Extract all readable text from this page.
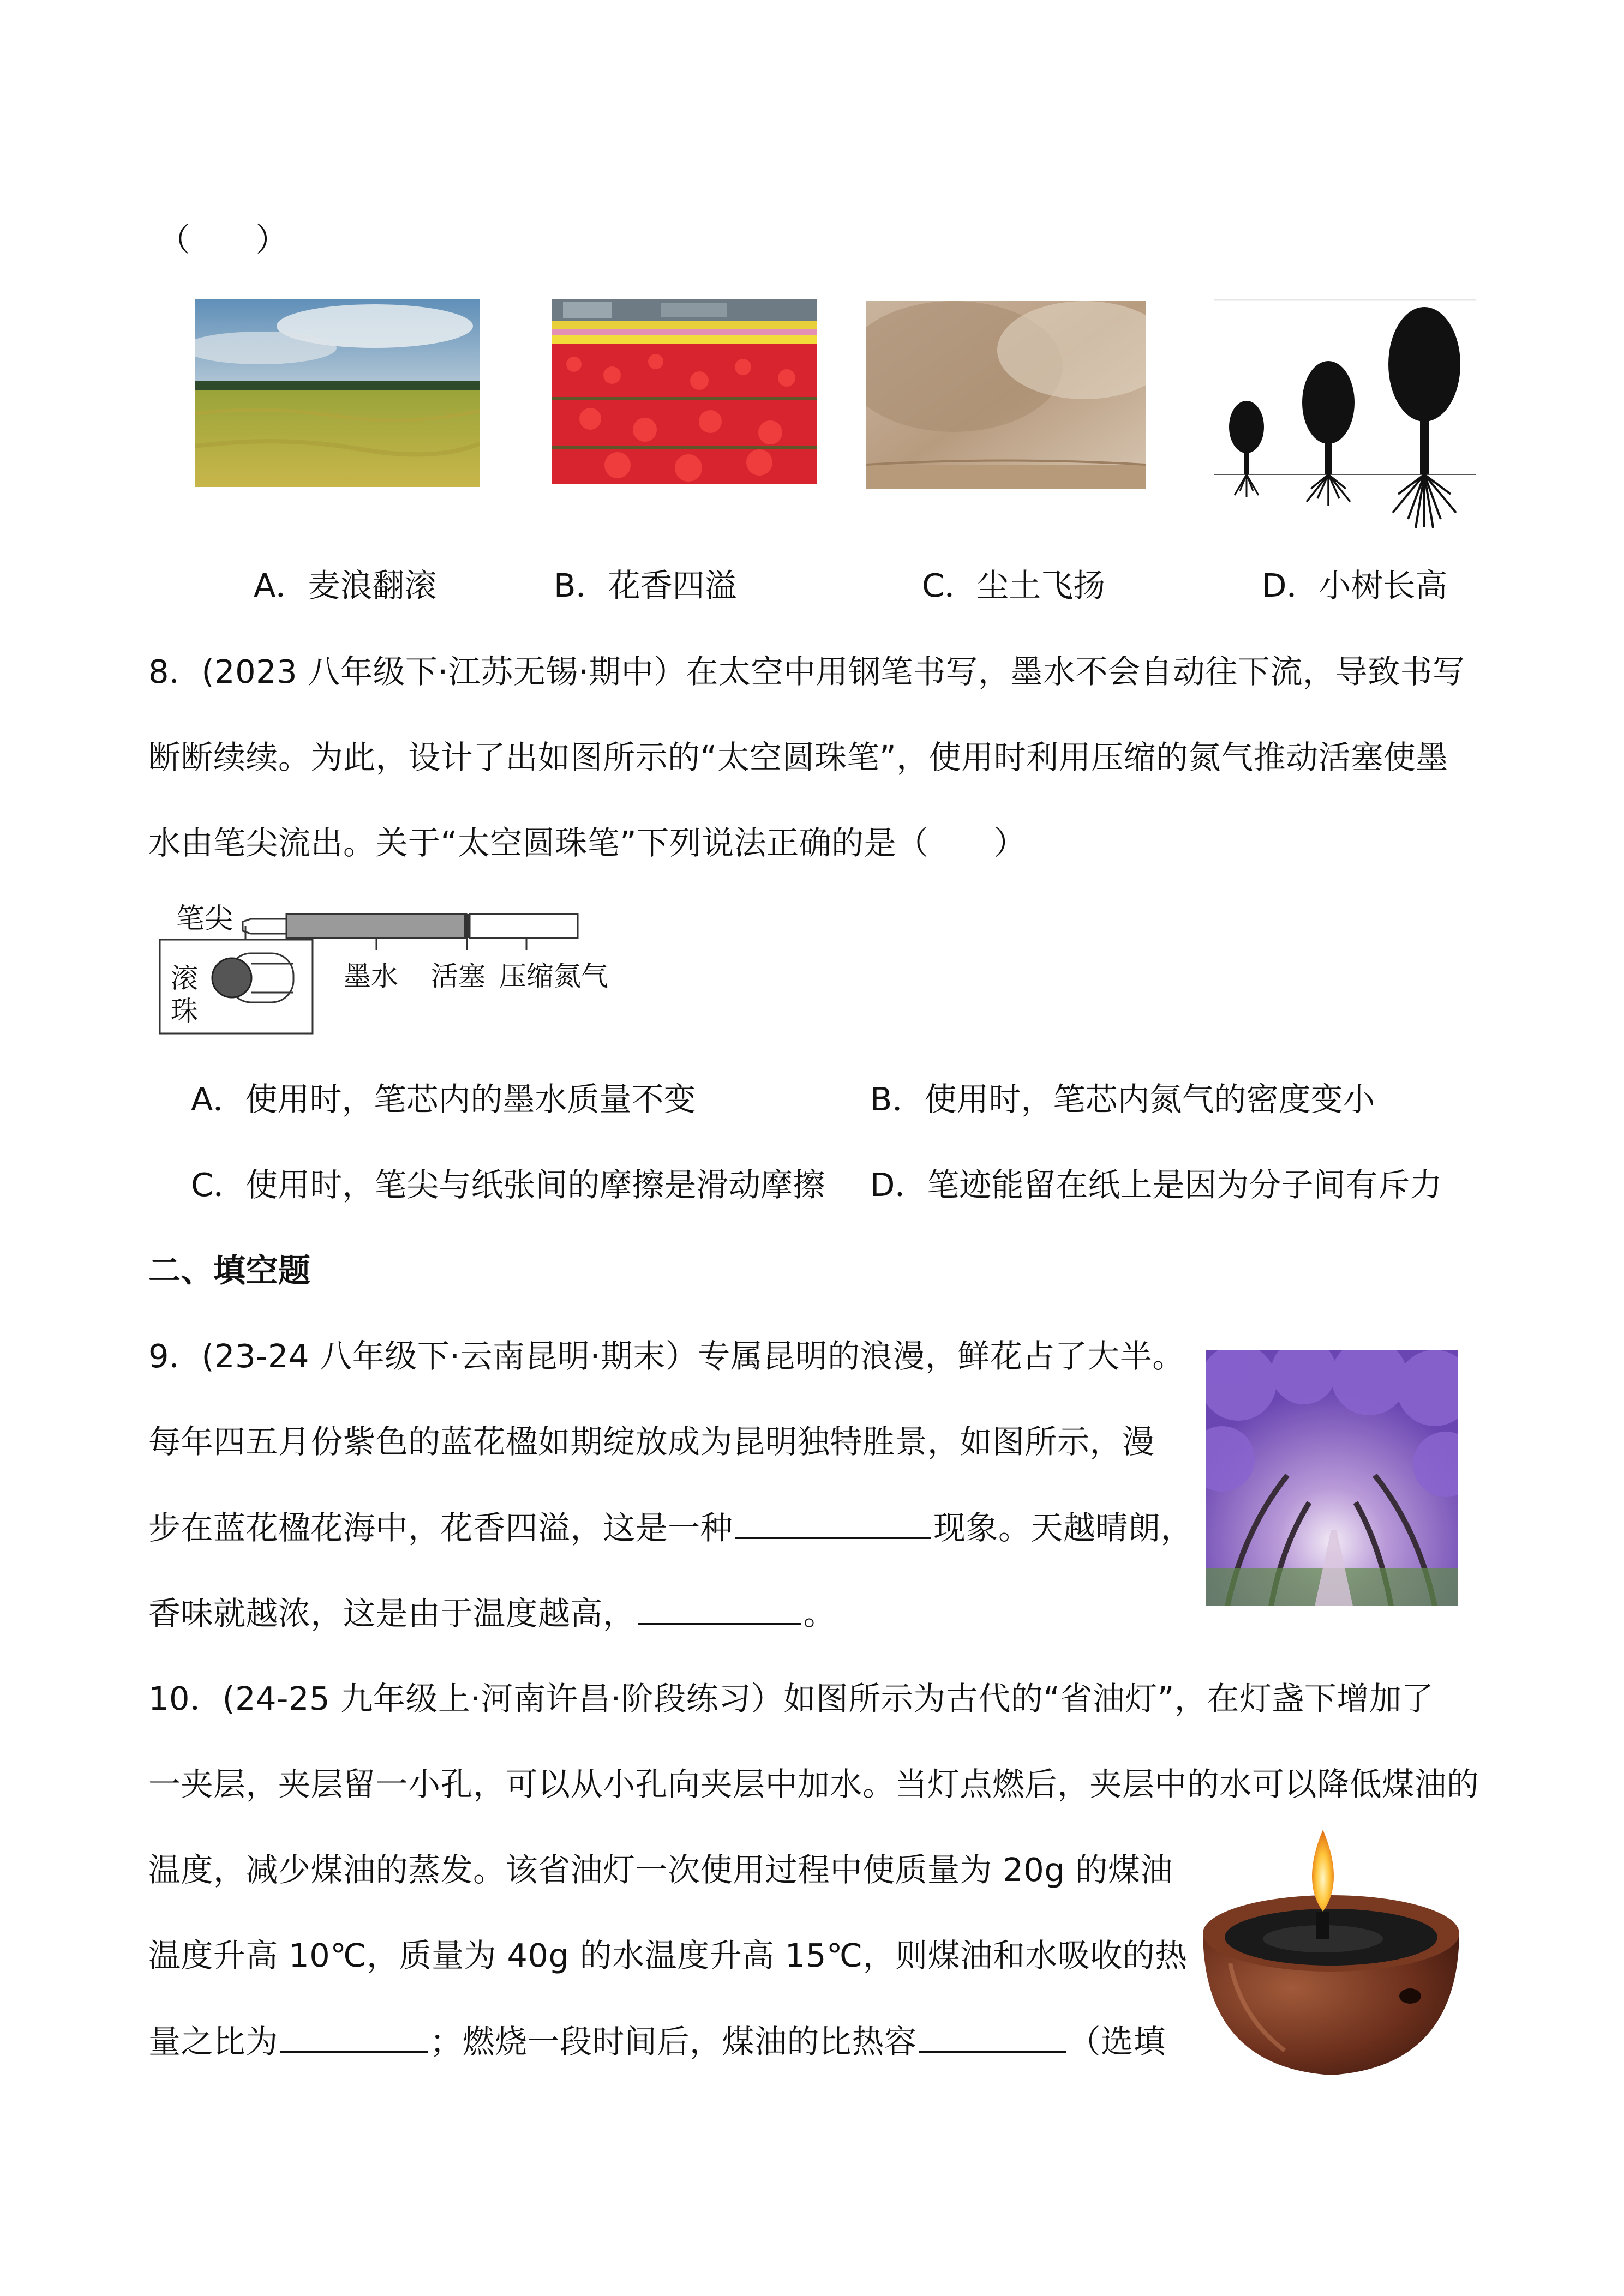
（　　）
A．麦浪翻滚	B．花香四溢	C．尘土飞扬	D．小树长高
8．(2023 八年级下·江苏无锡·期中）在太空中用钢笔书写，墨水不会自动往下流，导致书写
断断续续。为此，设计了出如图所示的“太空圆珠笔”，使用时利用压缩的氮气推动活塞使墨
水由笔尖流出。关于“太空圆珠笔”下列说法正确的是（　　）
笔尖
滚
珠
墨水 活塞 压缩氮气
A．使用时，笔芯内的墨水质量不变	B．使用时，笔芯内氮气的密度变小
C．使用时，笔尖与纸张间的摩擦是滑动摩擦 D．笔迹能留在纸上是因为分子间有斥力
二、填空题
9．(23-24 八年级下·云南昆明·期末）专属昆明的浪漫，鲜花占了大半。
每年四五月份紫色的蓝花楹如期绽放成为昆明独特胜景，如图所示，漫
步在蓝花楹花海中，花香四溢，这是一种	现象。天越晴朗，
香味就越浓，这是由于温度越高，	。
10．(24-25 九年级上·河南许昌·阶段练习）如图所示为古代的“省油灯”，在灯盏下增加了
一夹层，夹层留一小孔，可以从小孔向夹层中加水。当灯点燃后，夹层中的水可以降低煤油的
温度，减少煤油的蒸发。该省油灯一次使用过程中使质量为 20g 的煤油
温度升高 10℃，质量为 40g 的水温度升高 15℃，则煤油和水吸收的热
量之比为	；燃烧一段时间后，煤油的比热容	（选填
